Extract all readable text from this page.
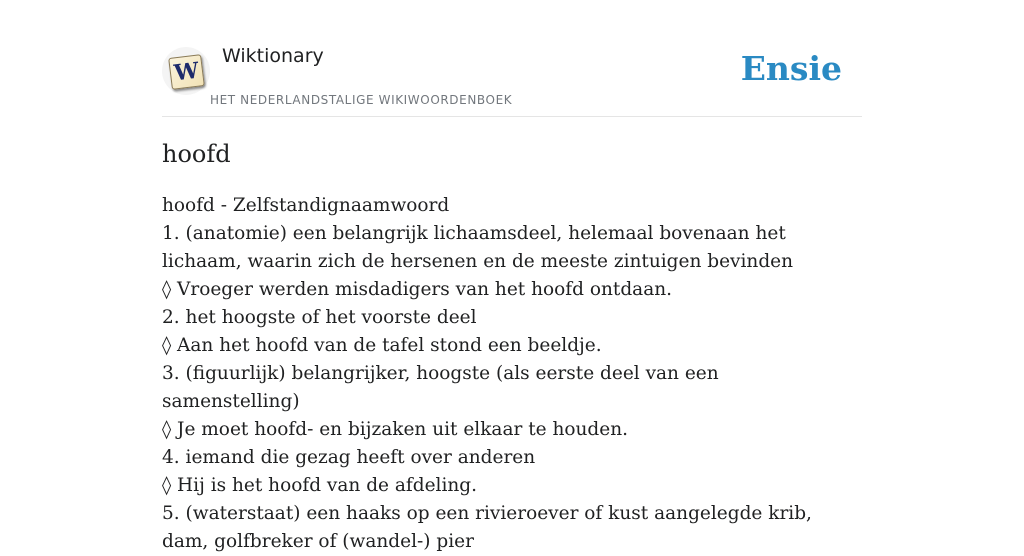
W
Wiktionary
HET NEDERLANDSTALIGE WIKIWOORDENBOEK
Ensie
hoofd
hoofd - Zelfstandignaamwoord
1. (anatomie) een belangrijk lichaamsdeel, helemaal bovenaan het lichaam, waarin zich de hersenen en de meeste zintuigen bevinden
◊ Vroeger werden misdadigers van het hoofd ontdaan.
2. het hoogste of het voorste deel
◊ Aan het hoofd van de tafel stond een beeldje.
3. (figuurlijk) belangrijker, hoogste (als eerste deel van een samenstelling)
◊ Je moet hoofd- en bijzaken uit elkaar te houden.
4. iemand die gezag heeft over anderen
◊ Hij is het hoofd van de afdeling.
5. (waterstaat) een haaks op een rivieroever of kust aangelegde krib, dam, golfbreker of (wandel-) pier
